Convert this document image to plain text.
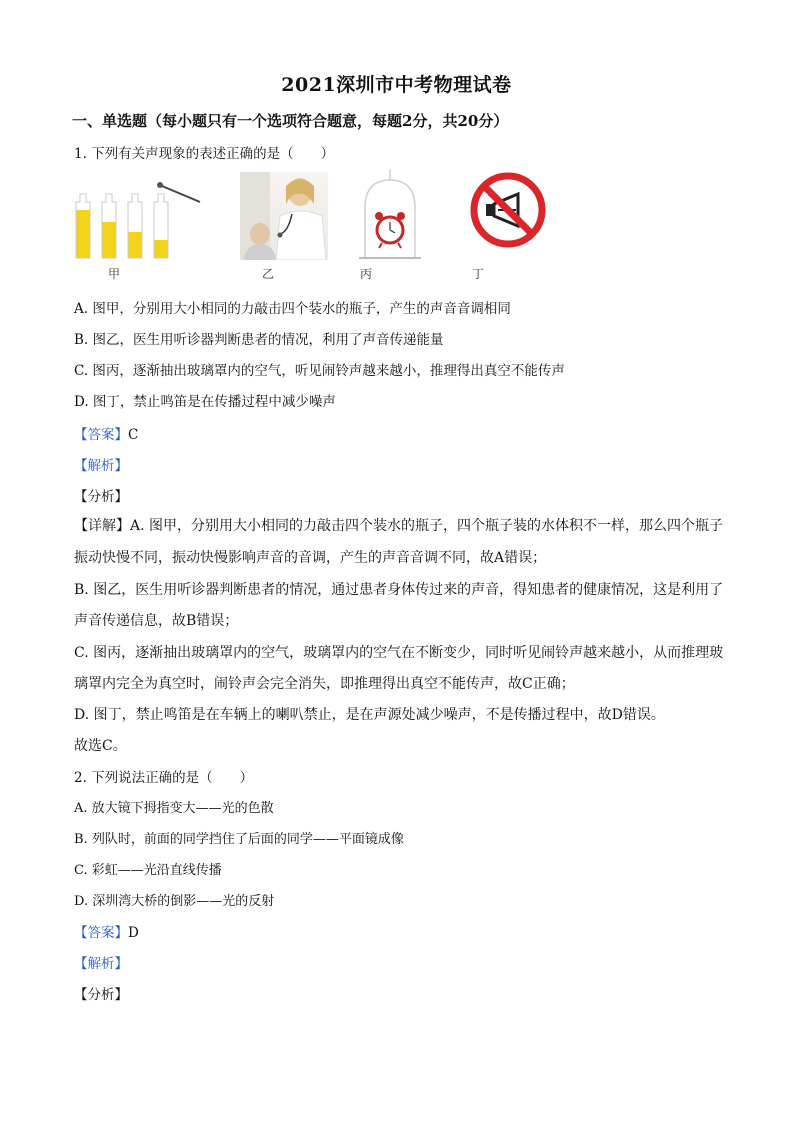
2021深圳市中考物理试卷
一、单选题（每小题只有一个选项符合题意，每题2分，共20分）
1. 下列有关声现象的表述正确的是（　　）
甲	乙	丙	丁
A. 图甲，分别用大小相同的力敲击四个装水的瓶子，产生的声音音调相同
B. 图乙，医生用听诊器判断患者的情况，利用了声音传递能量
C. 图丙，逐渐抽出玻璃罩内的空气，听见闹铃声越来越小，推理得出真空不能传声
D. 图丁，禁止鸣笛是在传播过程中减少噪声
【答案】C
【解析】
【分析】
【详解】A. 图甲，分别用大小相同的力敲击四个装水的瓶子，四个瓶子装的水体积不一样，那么四个瓶子
振动快慢不同，振动快慢影响声音的音调，产生的声音音调不同，故A错误；
B. 图乙，医生用听诊器判断患者的情况，通过患者身体传过来的声音，得知患者的健康情况，这是利用了
声音传递信息，故B错误；
C. 图丙，逐渐抽出玻璃罩内的空气，玻璃罩内的空气在不断变少，同时听见闹铃声越来越小，从而推理玻
璃罩内完全为真空时，闹铃声会完全消失，即推理得出真空不能传声，故C正确；
D. 图丁，禁止鸣笛是在车辆上的喇叭禁止，是在声源处减少噪声，不是传播过程中，故D错误。
故选C。
2. 下列说法正确的是（　　）
A. 放大镜下拇指变大——光的色散
B. 列队时，前面的同学挡住了后面的同学——平面镜成像
C. 彩虹——光沿直线传播
D. 深圳湾大桥的倒影——光的反射
【答案】D
【解析】
【分析】
